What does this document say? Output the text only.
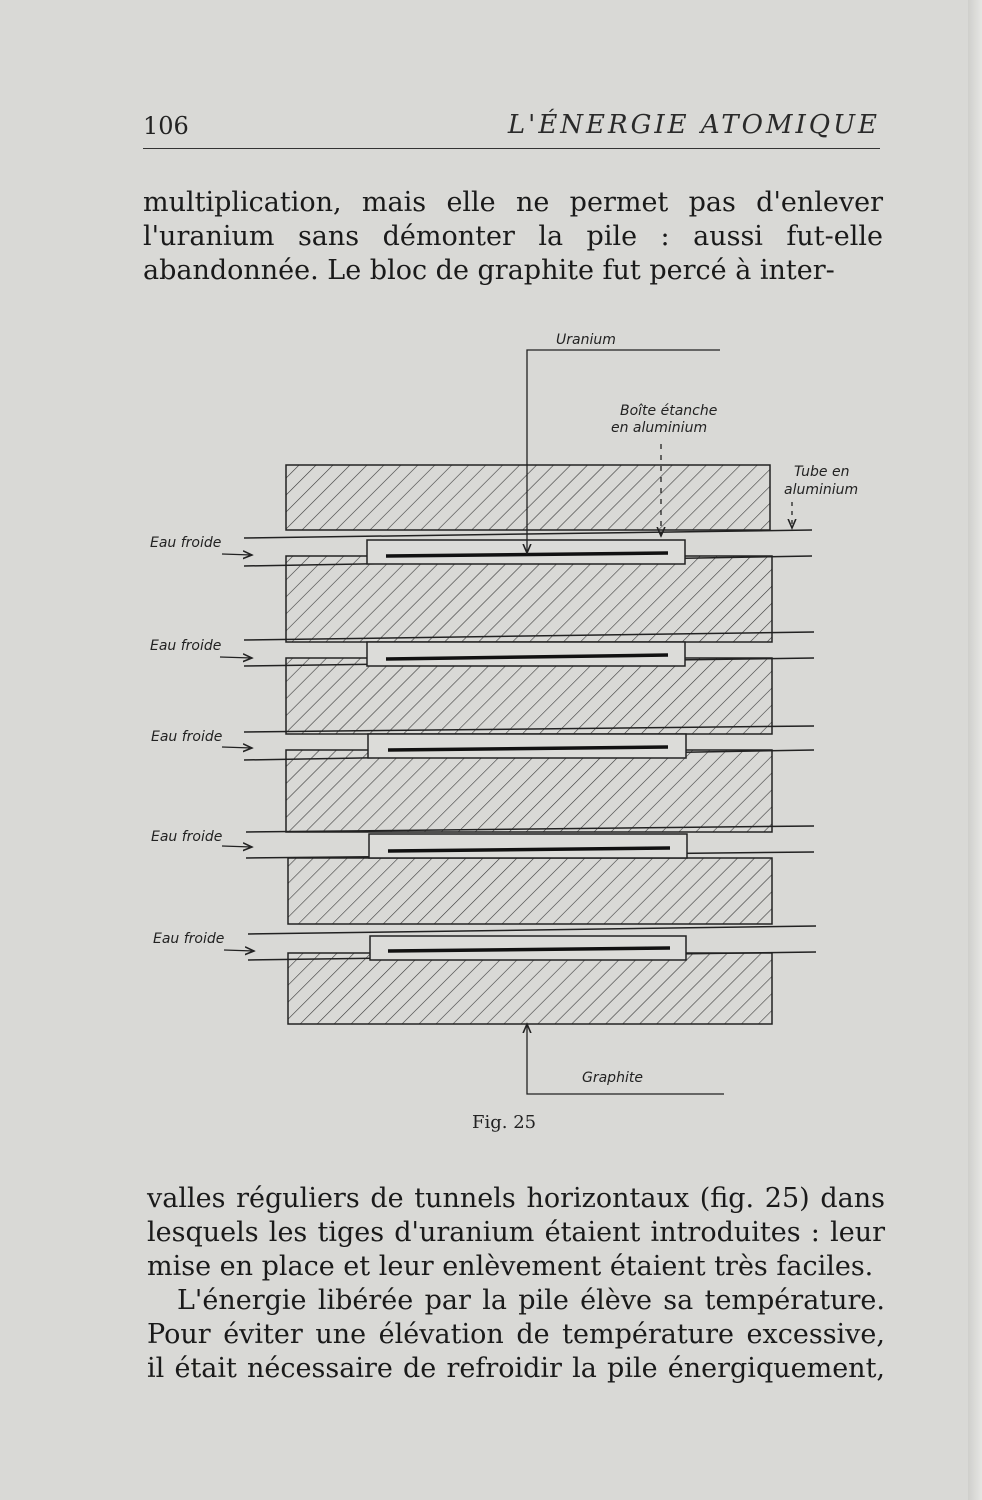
106	L'ÉNERGIE ATOMIQUE

multiplication, mais elle ne permet pas d'enlever
l'uranium sans démonter la pile : aussi fut-elle
abandonnée. Le bloc de graphite fut percé à inter-

Uranium
Boîte étanche
en aluminium
Tube en
aluminium
Graphite
Eau froide
Eau froide
Eau froide
Eau froide
Eau froide
Fig. 25

valles réguliers de tunnels horizontaux (fig. 25) dans
lesquels les tiges d'uranium étaient introduites : leur
mise en place et leur enlèvement étaient très faciles.
L'énergie libérée par la pile élève sa température.
Pour éviter une élévation de température excessive,
il était nécessaire de refroidir la pile énergiquement,
